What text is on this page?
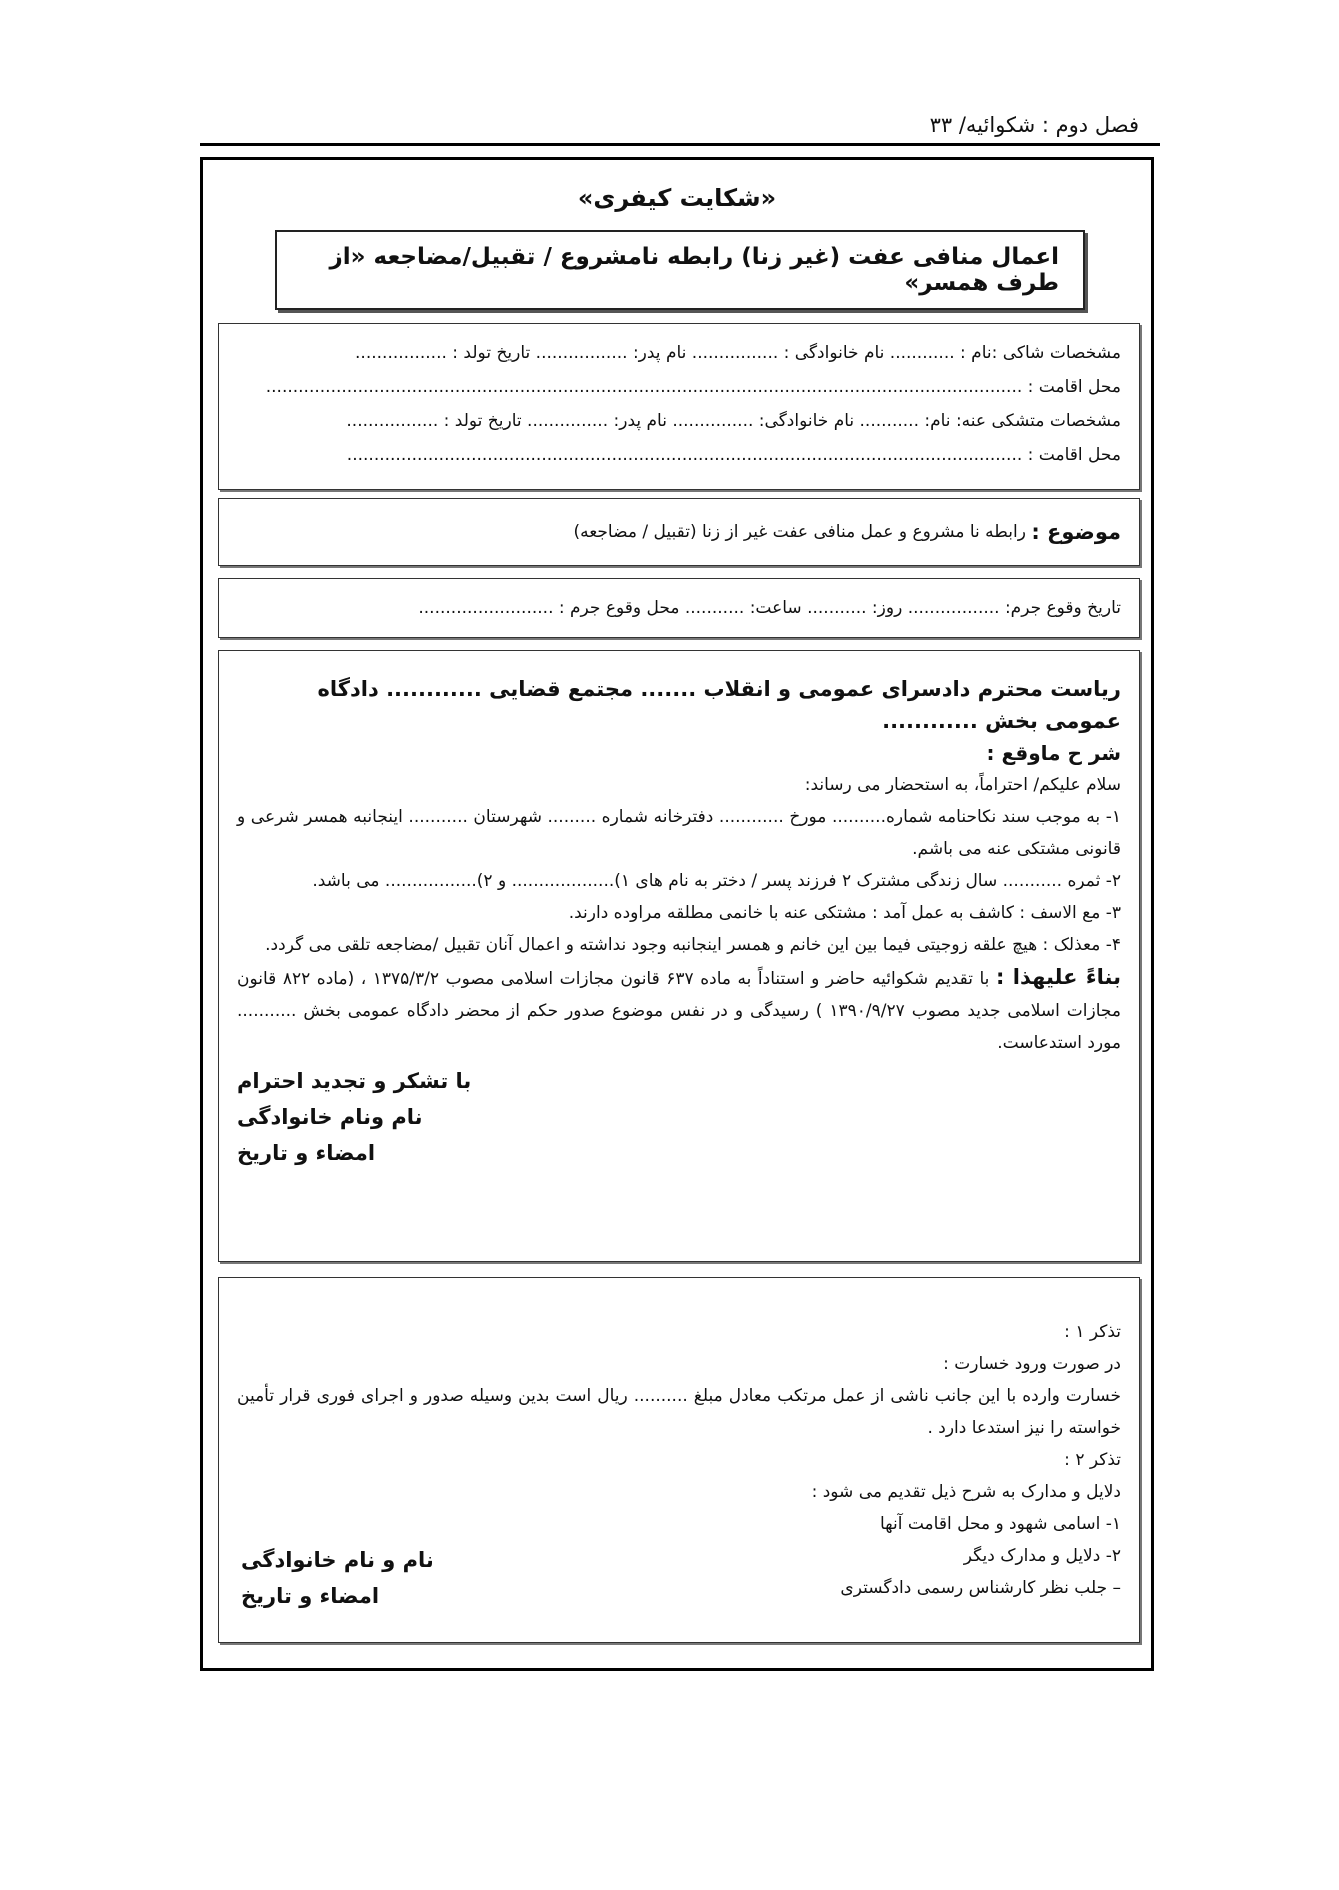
فصل دوم : شکوائیه/ ۳۳
«شکایت کیفری»
اعمال منافی عفت (غیر زنا) رابطه نامشروع / تقبیل/مضاجعه «از طرف همسر»
مشخصات شاکی :نام : ............ نام خانوادگی : ................ نام پدر: ................. تاریخ تولد : .................
محل اقامت : ............................................................................................................................................
مشخصات متشکی عنه: نام: ........... نام خانوادگی: ............... نام پدر: ............... تاریخ تولد : .................
محل اقامت : .............................................................................................................................
موضوع :

رابطه نا مشروع و عمل منافی عفت غیر از زنا (تقبیل / مضاجعه)
تاریخ وقوع جرم: ................. روز: ........... ساعت: ........... محل وقوع جرم : .........................
ریاست محترم دادسرای عمومی و انقلاب ....... مجتمع قضایی ............ دادگاه عمومی بخش ............
شر ح ماوقع :
سلام علیکم/ احتراماً، به استحضار می رساند:
۱- به موجب سند نکاحنامه شماره.......... مورخ ............ دفترخانه شماره ......... شهرستان ........... اینجانبه همسر شرعی و قانونی مشتکی عنه می باشم.
۲- ثمره ........... سال زندگی مشترک ۲ فرزند پسر / دختر به نام های ۱)................... و ۲)................. می باشد.
۳- مع الاسف : کاشف به عمل آمد : مشتکی عنه با خانمی مطلقه مراوده دارند.
۴- معذلک : هیچ علقه زوجیتی فیما بین این خانم و همسر اینجانبه وجود نداشته و اعمال آنان تقبیل /مضاجعه تلقی می گردد.
بناءً علیهذا : با تقدیم شکوائیه حاضر و استناداً به ماده ۶۳۷ قانون مجازات اسلامی مصوب ۱۳۷۵/۳/۲ ، (ماده ۸۲۲ قانون مجازات اسلامی جدید مصوب ۱۳۹۰/۹/۲۷ ) رسیدگی و در نفس موضوع صدور حکم از محضر دادگاه عمومی بخش ........... مورد استدعاست.
با تشکر و تجدید احترام
نام ونام خانوادگی
امضاء و تاریخ
تذکر ۱ :
در صورت ورود خسارت :
خسارت وارده با این جانب ناشی از عمل مرتکب معادل مبلغ .......... ریال است بدین وسیله صدور و اجرای فوری قرار تأمین خواسته را نیز استدعا دارد .
تذکر ۲ :
دلایل و مدارک به شرح ذیل تقدیم می شود :
۱- اسامی شهود و محل اقامت آنها
۲- دلایل و مدارک دیگر
– جلب نظر کارشناس رسمی دادگستری
نام و نام خانوادگی
امضاء و تاریخ
